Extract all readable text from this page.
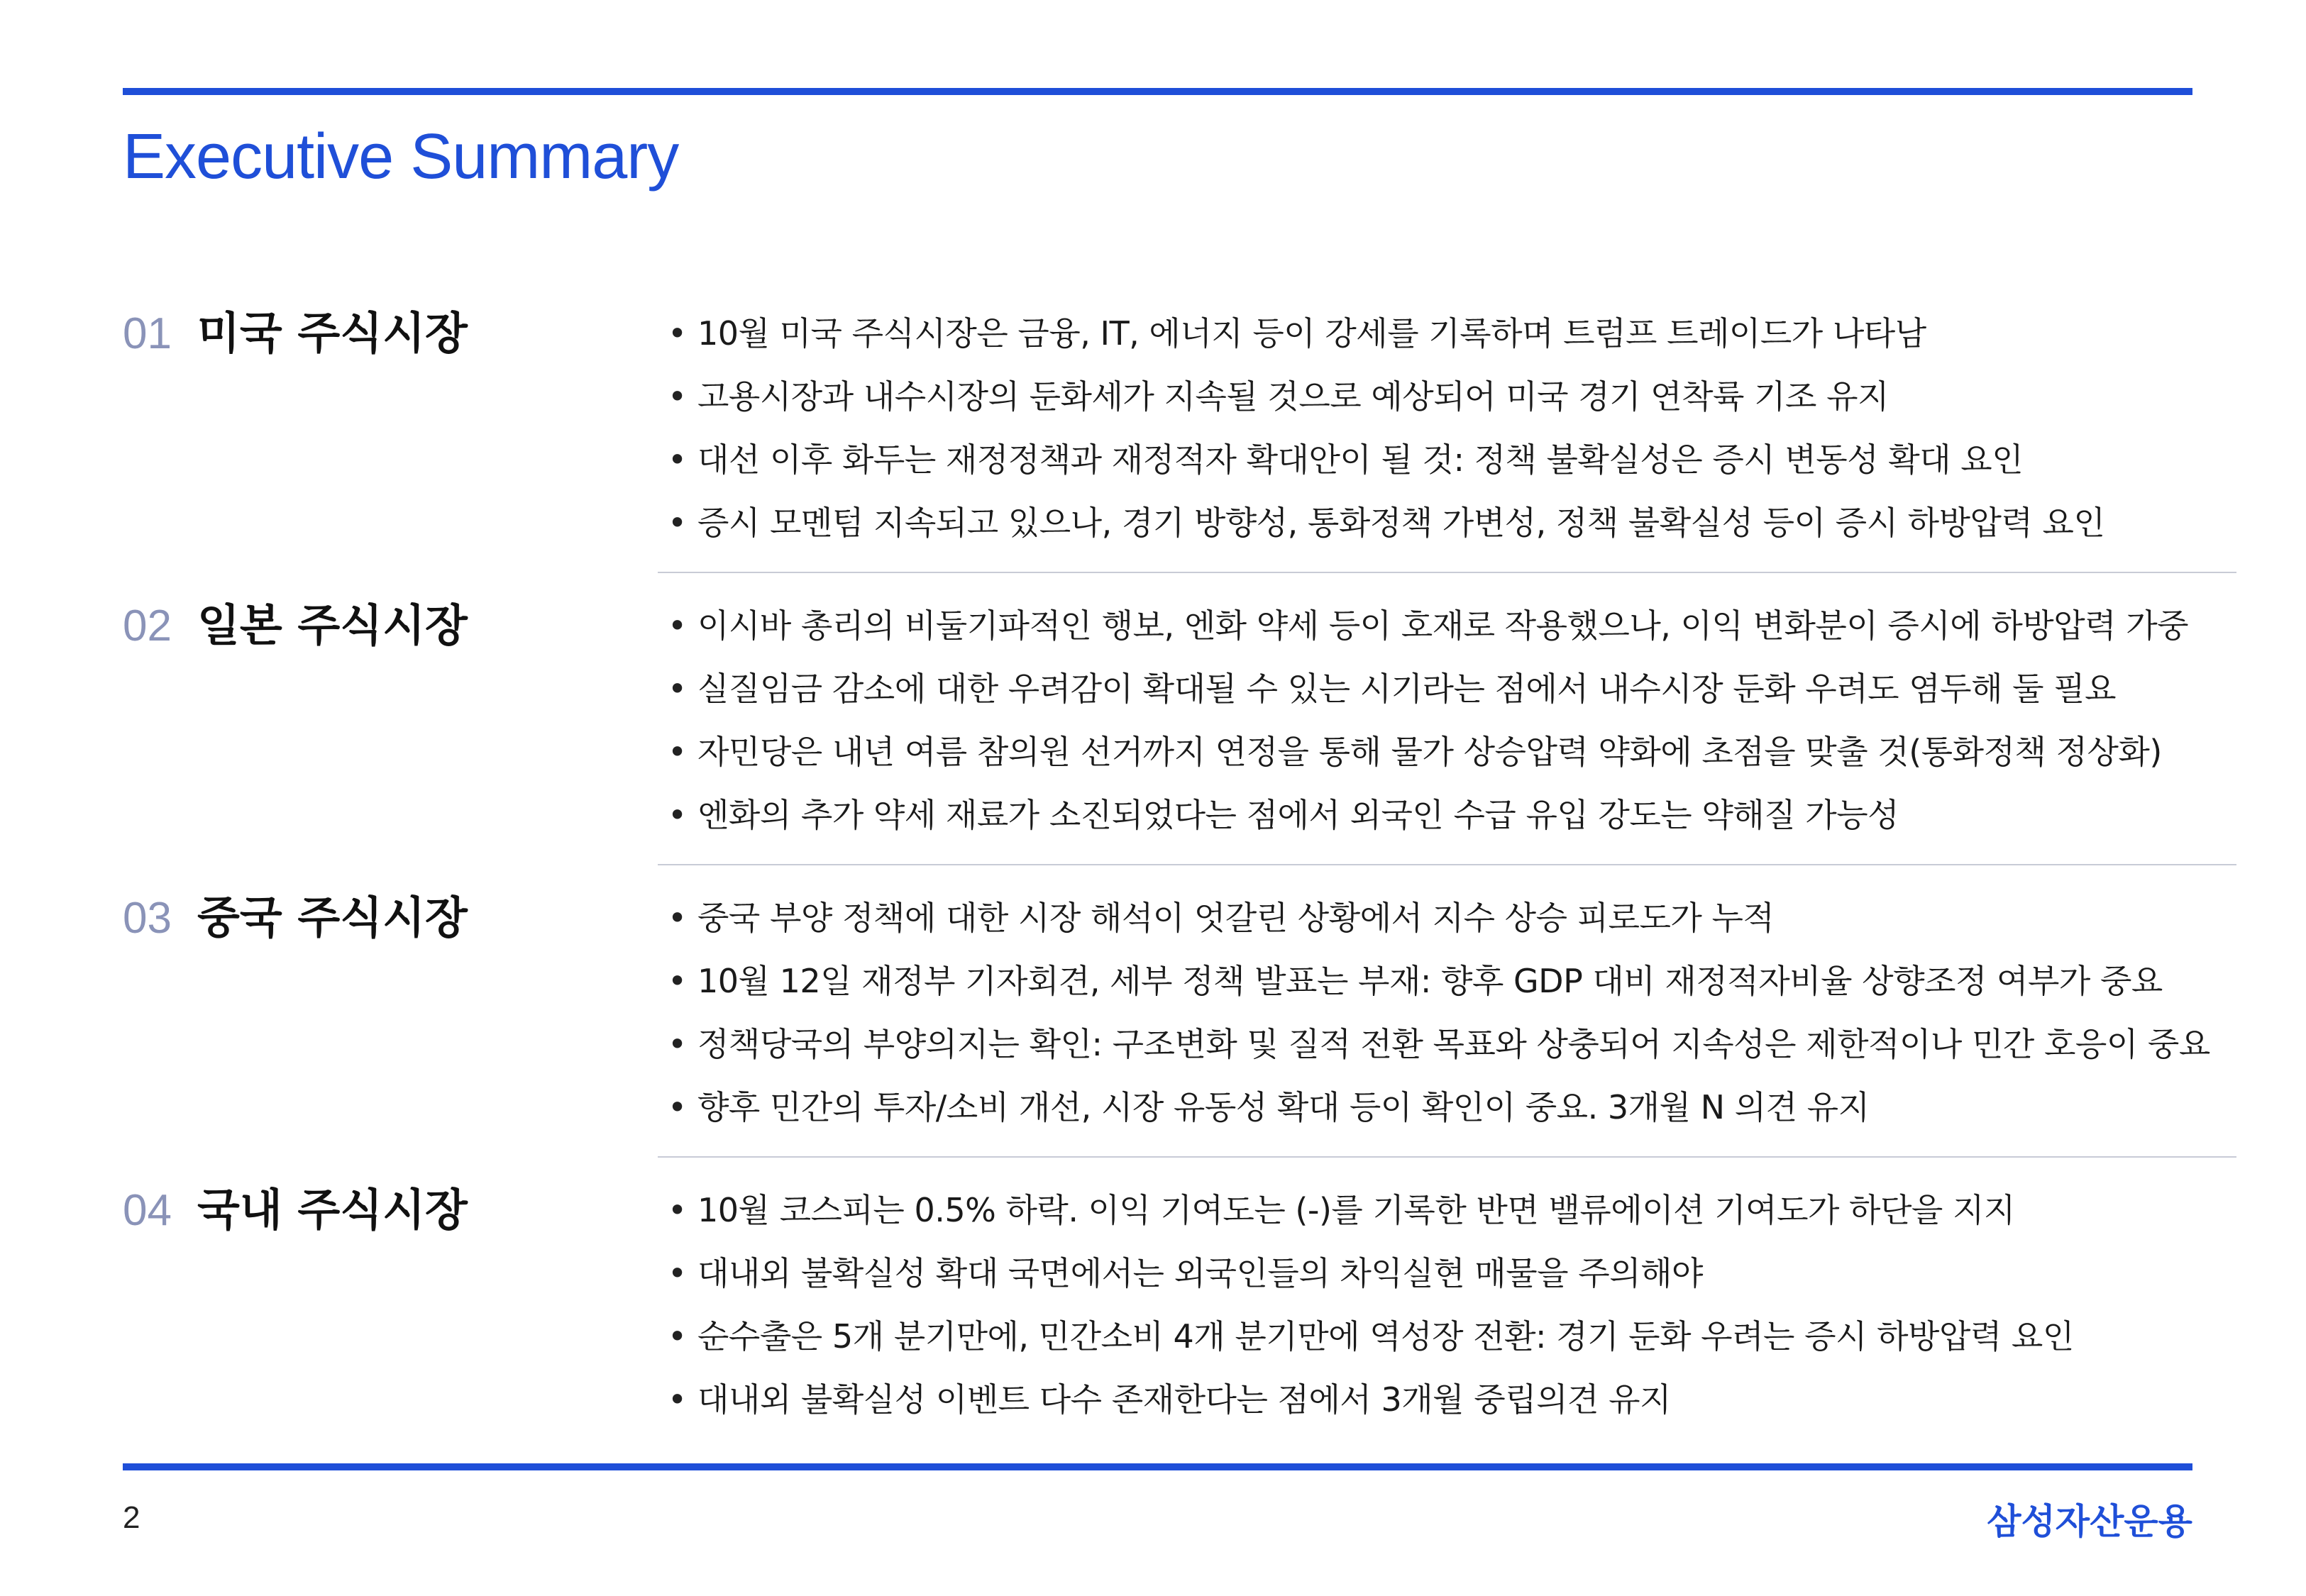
Executive Summary
01 미국 주식시장	• 10월 미국 주식시장은 금융, IT, 에너지 등이 강세를 기록하며 트럼프 트레이드가 나타남
• 고용시장과 내수시장의 둔화세가 지속될 것으로 예상되어 미국 경기 연착륙 기조 유지
• 대선 이후 화두는 재정정책과 재정적자 확대안이 될 것: 정책 불확실성은 증시 변동성 확대 요인
• 증시 모멘텀 지속되고 있으나, 경기 방향성, 통화정책 가변성, 정책 불확실성 등이 증시 하방압력 요인
02 일본 주식시장	• 이시바 총리의 비둘기파적인 행보, 엔화 약세 등이 호재로 작용했으나, 이익 변화분이 증시에 하방압력 가중
• 실질임금 감소에 대한 우려감이 확대될 수 있는 시기라는 점에서 내수시장 둔화 우려도 염두해 둘 필요
• 자민당은 내년 여름 참의원 선거까지 연정을 통해 물가 상승압력 약화에 초점을 맞출 것(통화정책 정상화)
• 엔화의 추가 약세 재료가 소진되었다는 점에서 외국인 수급 유입 강도는 약해질 가능성
03 중국 주식시장	• 중국 부양 정책에 대한 시장 해석이 엇갈린 상황에서 지수 상승 피로도가 누적
• 10월 12일 재정부 기자회견, 세부 정책 발표는 부재: 향후 GDP 대비 재정적자비율 상향조정 여부가 중요
• 정책당국의 부양의지는 확인: 구조변화 및 질적 전환 목표와 상충되어 지속성은 제한적이나 민간 호응이 중요
• 향후 민간의 투자/소비 개선, 시장 유동성 확대 등이 확인이 중요. 3개월 N 의견 유지
04 국내 주식시장	• 10월 코스피는 0.5% 하락. 이익 기여도는 (-)를 기록한 반면 밸류에이션 기여도가 하단을 지지
• 대내외 불확실성 확대 국면에서는 외국인들의 차익실현 매물을 주의해야
• 순수출은 5개 분기만에, 민간소비 4개 분기만에 역성장 전환: 경기 둔화 우려는 증시 하방압력 요인
• 대내외 불확실성 이벤트 다수 존재한다는 점에서 3개월 중립의견 유지
2	삼성자산운용
